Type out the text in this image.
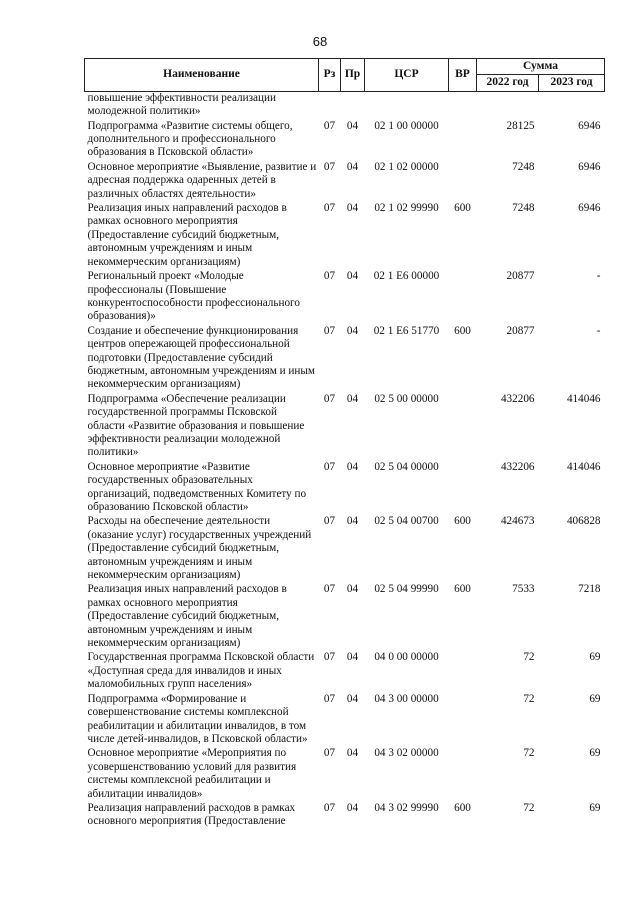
68
Наименование	Рз	Пр	ЦСР	ВР	Сумма	
					2022 год	2023 год
повышение эффективности реализации молодежной политики»						
Подпрограмма «Развитие системы общего, дополнительного и профессионального образования в Псковской области»	07	04	02 1 00 00000		28125	6946
Основное мероприятие «Выявление, развитие и адресная поддержка одаренных детей в различных областях деятельности»	07	04	02 1 02 00000		7248	6946
Реализация иных направлений расходов в рамках основного мероприятия (Предоставление субсидий бюджетным, автономным учреждениям и иным некоммерческим организациям)	07	04	02 1 02 99990	600	7248	6946
Региональный проект «Молодые профессионалы (Повышение конкурентоспособности профессионального образования)»	07	04	02 1 E6 00000		20877	-
Создание и обеспечение функционирования центров опережающей профессиональной подготовки (Предоставление субсидий бюджетным, автономным учреждениям и иным некоммерческим организациям)	07	04	02 1 E6 51770	600	20877	-
Подпрограмма «Обеспечение реализации государственной программы Псковской области «Развитие образования и повышение эффективности реализации молодежной политики»	07	04	02 5 00 00000		432206	414046
Основное мероприятие «Развитие государственных образовательных организаций, подведомственных Комитету по образованию Псковской области»	07	04	02 5 04 00000		432206	414046
Расходы на обеспечение деятельности (оказание услуг) государственных учреждений (Предоставление субсидий бюджетным, автономным учреждениям и иным некоммерческим организациям)	07	04	02 5 04 00700	600	424673	406828
Реализация иных направлений расходов в рамках основного мероприятия (Предоставление субсидий бюджетным, автономным учреждениям и иным некоммерческим организациям)	07	04	02 5 04 99990	600	7533	7218
Государственная программа Псковской области «Доступная среда для инвалидов и иных маломобильных групп населения»	07	04	04 0 00 00000		72	69
Подпрограмма «Формирование и совершенствование системы комплексной реабилитации и абилитации инвалидов, в том числе детей-инвалидов, в Псковской области»	07	04	04 3 00 00000		72	69
Основное мероприятие «Мероприятия по усовершенствованию условий для развития системы комплексной реабилитации и абилитации инвалидов»	07	04	04 3 02 00000		72	69
Реализация направлений расходов в рамках основного мероприятия (Предоставление	07	04	04 3 02 99990	600	72	69
